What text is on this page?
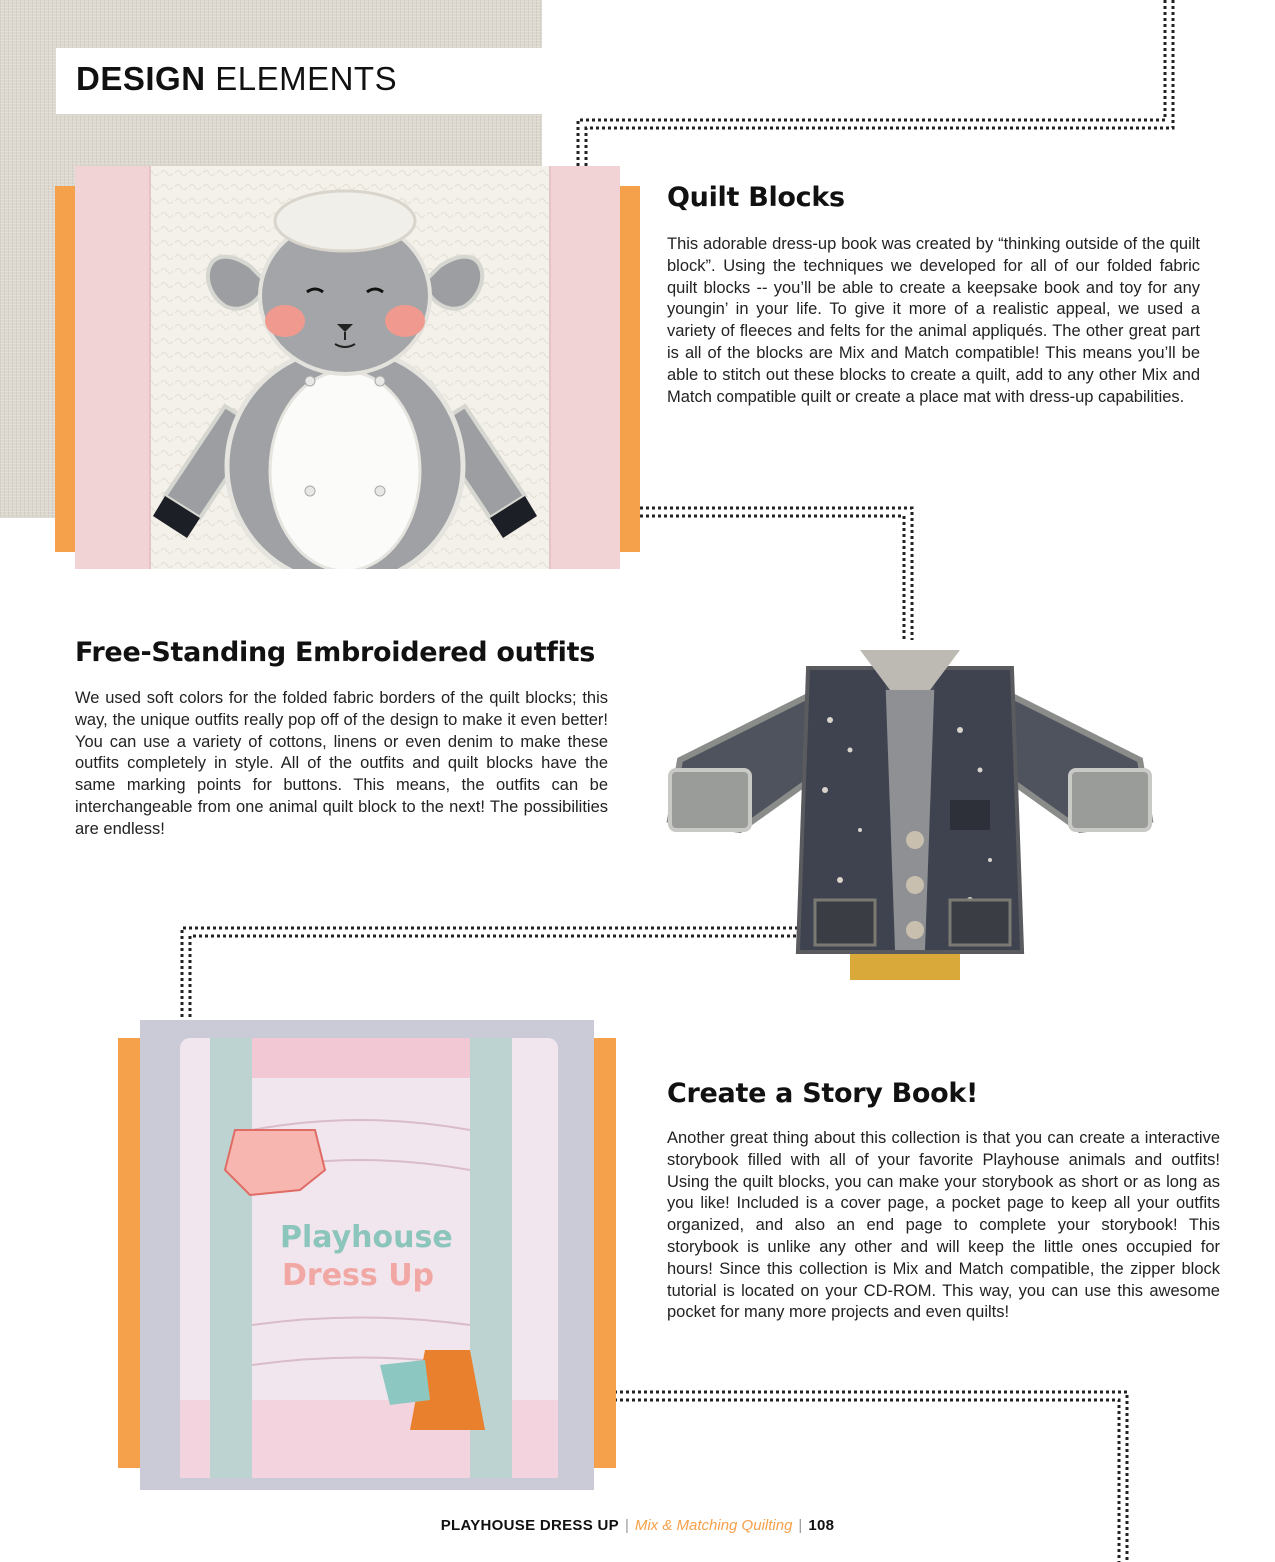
DESIGN ELEMENTS
Quilt Blocks
This adorable dress-up book was created by “thinking outside of the quilt block”. Using the techniques we developed for all of our folded fabric quilt blocks -- you’ll be able to create a keepsake book and toy for any youngin’ in your life. To give it more of a realistic appeal, we used a variety of fleeces and felts for the animal appliqués. The other great part is all of the blocks are Mix and Match compatible! This means you’ll be able to stitch out these blocks to create a quilt, add to any other Mix and Match compatible quilt or create a place mat with dress-up capabilities.
Free-Standing Embroidered outfits
We used soft colors for the folded fabric borders of the quilt blocks; this way, the unique outfits really pop off of the design to make it even better! You can use a variety of cottons, linens or even denim to make these outfits completely in style. All of the outfits and quilt blocks have the same marking points for buttons. This means, the outfits can be interchangeable from one animal quilt block to the next! The possibilities are endless!
Playhouse
Dress Up
Create a Story Book!
Another great thing about this collection is that you can create a interactive storybook filled with all of your favorite Playhouse animals and outfits! Using the quilt blocks, you can make your storybook as short or as long as you like! Included is a cover page, a pocket page to keep all your outfits organized, and also an end page to complete your storybook! This storybook is unlike any other and will keep the little ones occupied for hours! Since this collection is Mix and Match compatible, the zipper block tutorial is located on your CD-ROM. This way, you can use this awesome pocket for many more projects and even quilts!
PLAYHOUSE DRESS UP | Mix & Matching Quilting | 108
